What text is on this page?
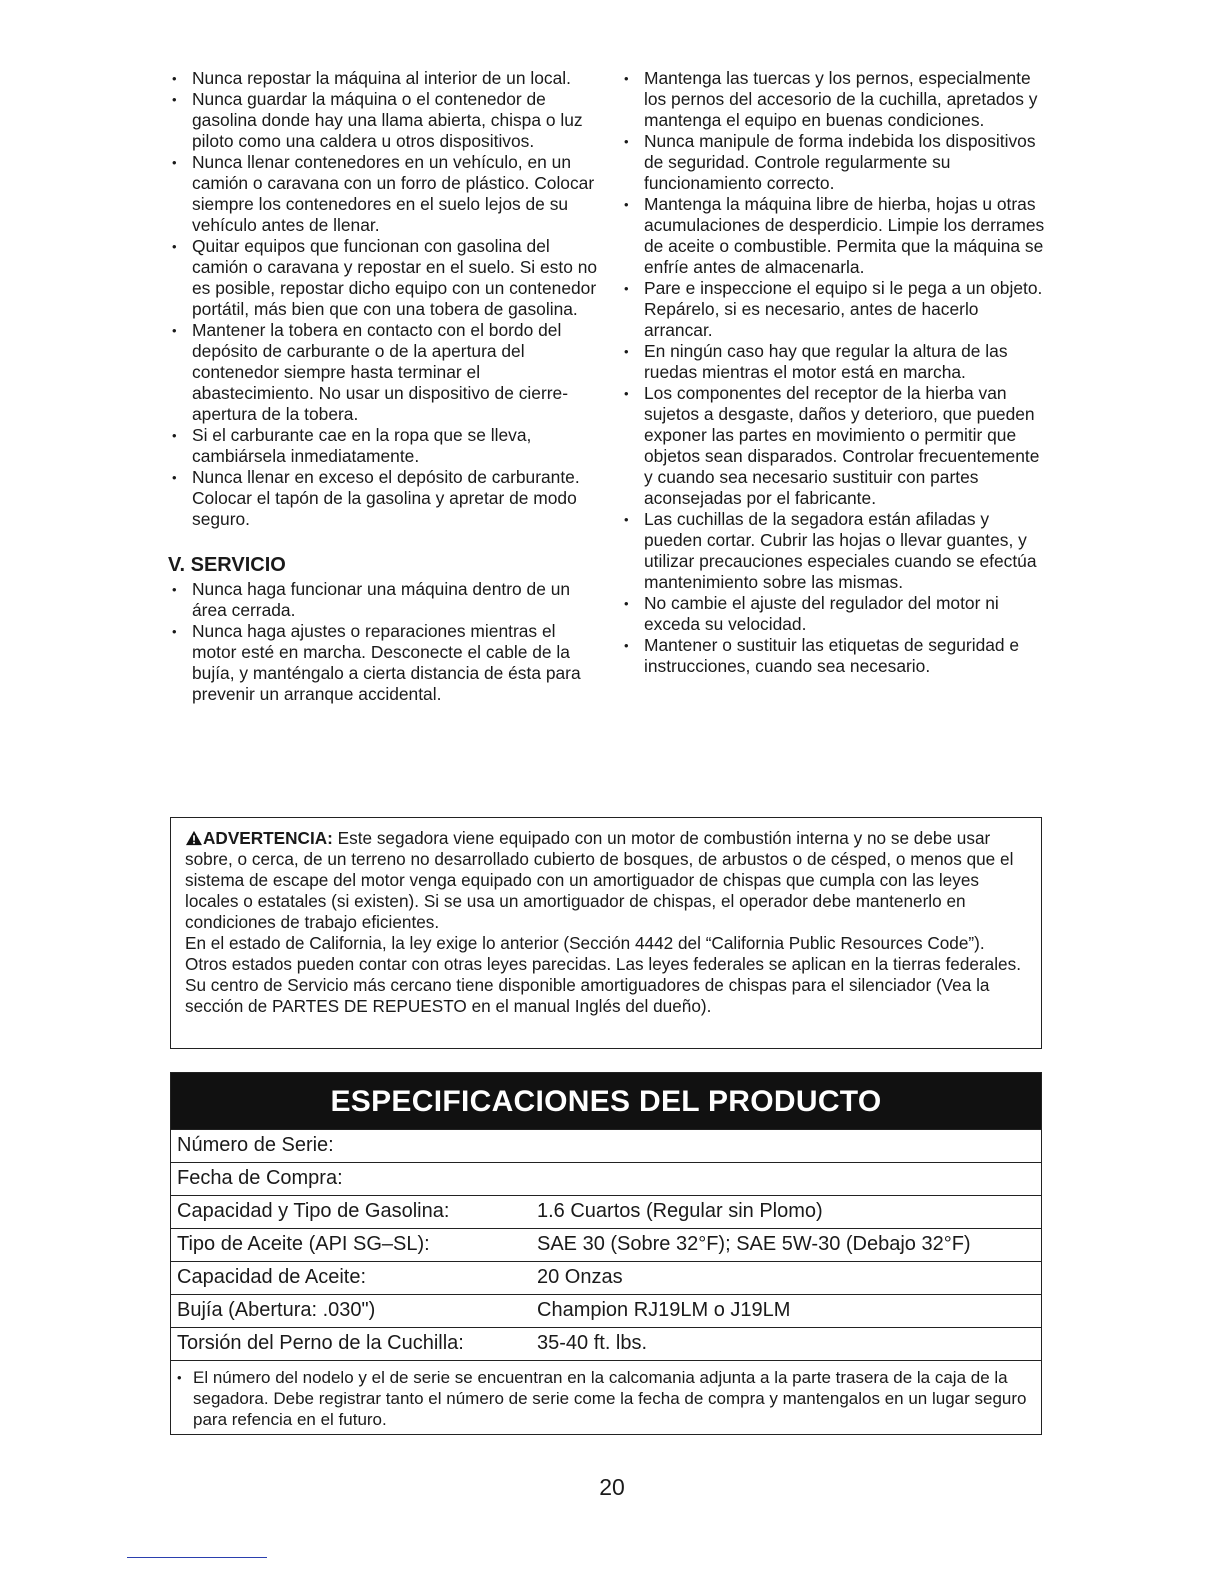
• Nunca repostar la máquina al interior de un local.
• Nunca guardar la máquina o el contenedor de gasolina donde hay una llama abierta, chispa o luz piloto como una caldera u otros dispositivos.
• Nunca llenar contenedores en un vehículo, en un camión o caravana con un forro de plástico. Colocar siempre los contenedores en el suelo lejos de su vehículo antes de llenar.
• Quitar equipos que funcionan con gasolina del camión o caravana y repostar en el suelo. Si esto no es posible, repostar dicho equipo con un contenedor portátil, más bien que con una tobera de gasolina.
• Mantener la tobera en contacto con el bordo del depósito de carburante o de la apertura del contenedor siempre hasta terminar el abastecimiento. No usar un dispositivo de cierre-apertura de la tobera.
• Si el carburante cae en la ropa que se lleva, cambiársela inmediatamente.
• Nunca llenar en exceso el depósito de carburante. Colocar el tapón de la gasolina y apretar de modo seguro.
V. SERVICIO
• Nunca haga funcionar una máquina dentro de un área cerrada.
• Nunca haga ajustes o reparaciones mientras el motor esté en marcha. Desconecte el cable de la bujía, y manténgalo a cierta distancia de ésta para prevenir un arranque accidental.
• Mantenga las tuercas y los pernos, especialmente los pernos del accesorio de la cuchilla, apretados y mantenga el equipo en buenas condiciones.
• Nunca manipule de forma indebida los dispositivos de seguridad. Controle regularmente su funcionamiento correcto.
• Mantenga la máquina libre de hierba, hojas u otras acumulaciones de desperdicio. Limpie los derrames de aceite o combustible. Permita que la máquina se enfríe antes de almacenarla.
• Pare e inspeccione el equipo si le pega a un objeto. Repárelo, si es necesario, antes de hacerlo arrancar.
• En ningún caso hay que regular la altura de las ruedas mientras el motor está en marcha.
• Los componentes del receptor de la hierba van sujetos a desgaste, daños y deterioro, que pueden exponer las partes en movimiento o permitir que objetos sean disparados. Controlar frecuentemente y cuando sea necesario sustituir con partes aconsejadas por el fabricante.
• Las cuchillas de la segadora están afiladas y pueden cortar. Cubrir las hojas o llevar guantes, y utilizar precauciones especiales cuando se efectúa mantenimiento sobre las mismas.
• No cambie el ajuste del regulador del motor ni exceda su velocidad.
• Mantener o sustituir las etiquetas de seguridad e instrucciones, cuando sea necesario.

ADVERTENCIA: Este segadora viene equipado con un motor de combustión interna y no se debe usar sobre, o cerca, de un terreno no desarrollado cubierto de bosques, de arbustos o de césped, o menos que el sistema de escape del motor venga equipado con un amortiguador de chispas que cumpla con las leyes locales o estatales (si existen). Si se usa un amortiguador de chispas, el operador debe mantenerlo en condiciones de trabajo eficientes.

En el estado de California, la ley exige lo anterior (Sección 4442 del “California Public Resources Code”). Otros estados pueden contar con otras leyes parecidas. Las leyes federales se aplican en la tierras federales. Su centro de Servicio más cercano tiene disponible amortiguadores de chispas para el silenciador (Vea la sección de PARTES DE REPUESTO en el manual Inglés del dueño).

ESPECIFICACIONES DEL PRODUCTO
Número de Serie:
Fecha de Compra:
Capacidad y Tipo de Gasolina:	1.6 Cuartos (Regular sin Plomo)
Tipo de Aceite (API SG–SL):	SAE 30 (Sobre 32°F); SAE 5W-30 (Debajo 32°F)
Capacidad de Aceite:	20 Onzas
Bujía (Abertura: .030")	Champion RJ19LM o J19LM
Torsión del Perno de la Cuchilla:	35-40 ft. lbs.
• El número del nodelo y el de serie se encuentran en la calcomania adjunta a la parte trasera de la caja de la segadora. Debe registrar tanto el número de serie come la fecha de compra y mantengalos en un lugar seguro para refencia en el futuro.
20
